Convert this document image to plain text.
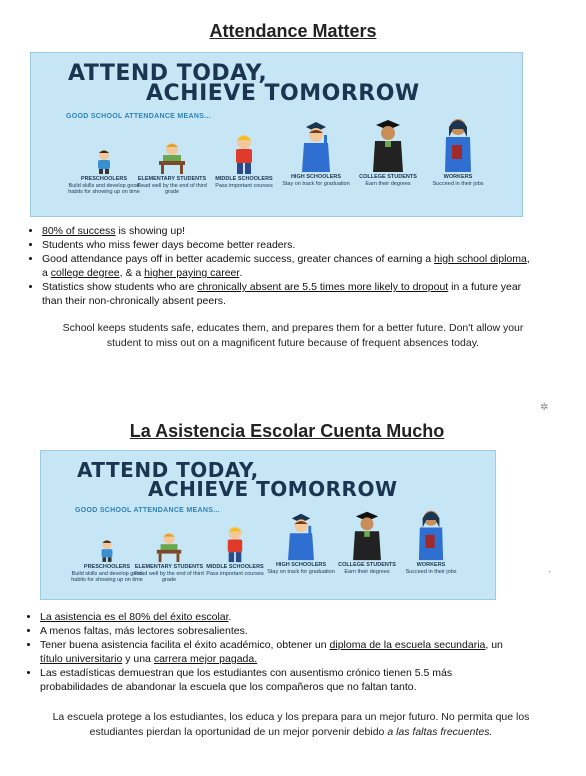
Attendance Matters
ATTEND TODAY,
ACHIEVE TOMORROW
GOOD SCHOOL ATTENDANCE MEANS...
PRESCHOOLERS
Build skills and develop good habits for showing up on time
ELEMENTARY STUDENTS
Read well by the end of third grade
MIDDLE SCHOOLERS
Pass important courses
HIGH SCHOOLERS
Stay on track for graduation
COLLEGE STUDENTS
Earn their degrees
WORKERS
Succeed in their jobs
• 80% of success is showing up!
• Students who miss fewer days become better readers.
• Good attendance pays off in better academic success, greater chances of earning a high school diploma, a college degree, & a higher paying career.
• Statistics show students who are chronically absent are 5.5 times more likely to dropout in a future year than their non-chronically absent peers.
School keeps students safe, educates them, and prepares them for a better future. Don't allow your student to miss out on a magnificent future because of frequent absences today.
✲
·
La Asistencia Escolar Cuenta Mucho
ATTEND TODAY,
ACHIEVE TOMORROW
GOOD SCHOOL ATTENDANCE MEANS...
PRESCHOOLERS
Build skills and develop good habits for showing up on time
ELEMENTARY STUDENTS
Read well by the end of third grade
MIDDLE SCHOOLERS
Pass important courses
HIGH SCHOOLERS
Stay on track for graduation
COLLEGE STUDENTS
Earn their degrees
WORKERS
Succeed in their jobs
• La asistencia es el 80% del éxito escolar.
• A menos faltas, más lectores sobresalientes.
• Tener buena asistencia facilita el éxito académico, obtener un diploma de la escuela secundaria, un título universitario y una carrera mejor pagada.
• Las estadísticas demuestran que los estudiantes con ausentismo crónico tienen 5.5 más probabilidades de abandonar la escuela que los compañeros que no faltan tanto.
La escuela protege a los estudiantes, los educa y los prepara para un mejor futuro. No permita que los estudiantes pierdan la oportunidad de un mejor porvenir debido a las faltas frecuentes.
